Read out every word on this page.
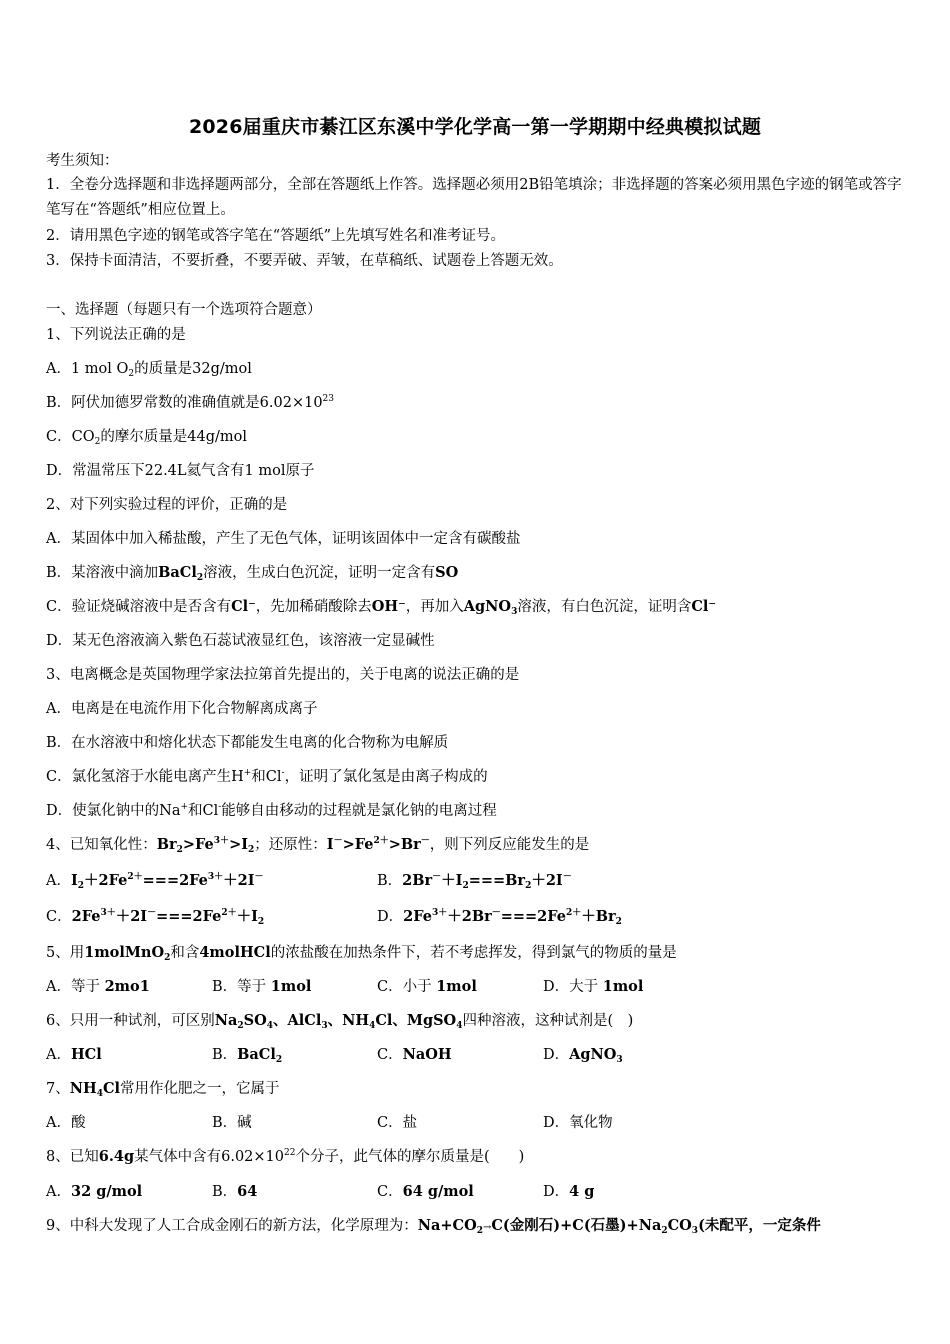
2026届重庆市綦江区东溪中学化学高一第一学期期中经典模拟试题
考生须知：
1．全卷分选择题和非选择题两部分，全部在答题纸上作答。选择题必须用2B铅笔填涂；非选择题的答案必须用黑色字迹的钢笔或答字笔写在“答题纸”相应位置上。
2．请用黑色字迹的钢笔或答字笔在“答题纸”上先填写姓名和准考证号。
3．保持卡面清洁，不要折叠，不要弄破、弄皱，在草稿纸、试题卷上答题无效。
一、选择题（每题只有一个选项符合题意）
1、下列说法正确的是
A．1 mol $O_2$的质量是32g/mol
B．阿伏加德罗常数的准确值就是$6.02\times 10^{23}$
C．$CO_2$的摩尔质量是44g/mol
D．常温常压下22.4L氦气含有1 mol原子
2、对下列实验过程的评价，正确的是
A．某固体中加入稀盐酸，产生了无色气体，证明该固体中一定含有碳酸盐
B．某溶液中滴加BaCl$_2$溶液，生成白色沉淀，证明一定含有SO
C．验证烧碱溶液中是否含有Cl⁻，先加稀硝酸除去OH⁻，再加入AgNO$_3$溶液，有白色沉淀，证明含Cl⁻
D．某无色溶液滴入紫色石蕊试液显红色，该溶液一定显碱性
3、电离概念是英国物理学家法拉第首先提出的，关于电离的说法正确的是
A．电离是在电流作用下化合物解离成离子
B．在水溶液中和熔化状态下都能发生电离的化合物称为电解质
C．氯化氢溶于水能电离产生H+和Cl-，证明了氯化氢是由离子构成的
D．使氯化钠中的Na+和Cl-能够自由移动的过程就是氯化钠的电离过程
4、已知氧化性：$Br_2>Fe^{3+}>I_2$；还原性：$I^->Fe^{2+}>Br^-$，则下列反应能发生的是
A．$I_2+2Fe^{2+}===2Fe^{3+}+2I^-$	B．$2Br^-+I_2===Br_2+2I^-$
C．$2Fe^{3+}+2I^-===2Fe^{2+}+I_2$	D．$2Fe^{3+}+2Br^-===2Fe^{2+}+Br_2$
5、用1molMnO$_2$和含4molHCl的浓盐酸在加热条件下，若不考虑挥发，得到氯气的物质的量是
A．等于 2mo1	B．等于 1mol	C．小于 1mol	D．大于 1mol
6、只用一种试剂，可区别$Na_2SO_4$、AlCl$_3$、$NH_4Cl$、MgSO$_4$四种溶液，这种试剂是(　)
A．HCl	B．BaCl$_2$	C．NaOH	D．AgNO$_3$
7、$NH_4Cl$常用作化肥之一，它属于
A．酸	B．碱	C．盐	D．氧化物
8、已知6.4g某气体中含有$6.02\times 10^{22}$个分子，此气体的摩尔质量是(　　)
A．32 g/mol	B．64	C．64 g/mol	D．4 g
9、中科大发现了人工合成金刚石的新方法，化学原理为：$Na+CO_2\to C$(金刚石)+C(石墨)$+Na_2CO_3$(未配平，一定条件
